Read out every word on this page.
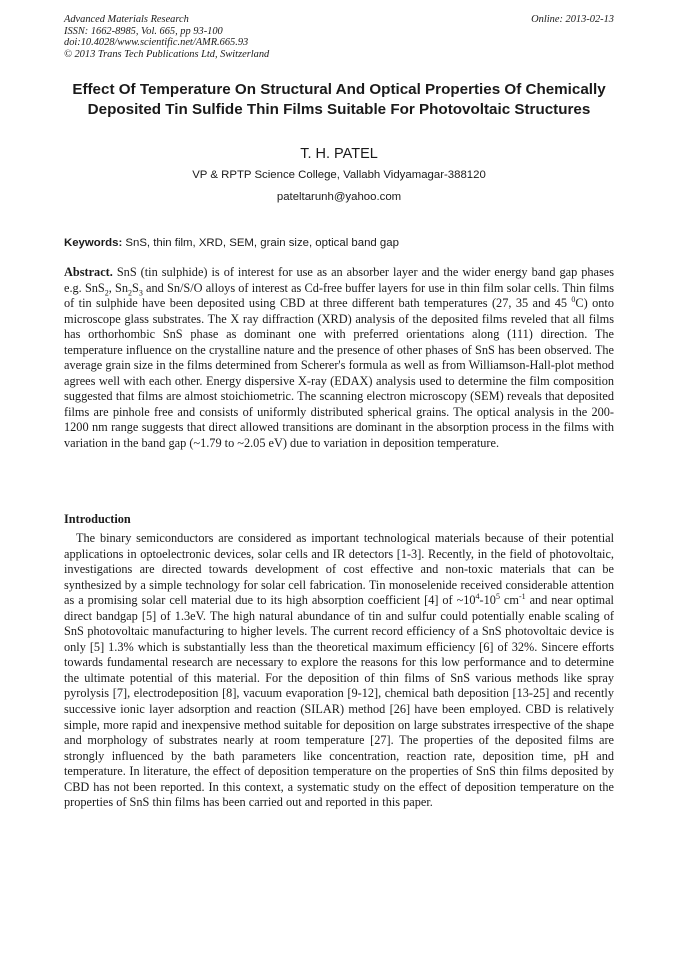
Advanced Materials Research
ISSN: 1662-8985, Vol. 665, pp 93-100
doi:10.4028/www.scientific.net/AMR.665.93
© 2013 Trans Tech Publications Ltd, Switzerland
Online: 2013-02-13
Effect Of Temperature On Structural And Optical Properties Of Chemically Deposited Tin Sulfide Thin Films Suitable For Photovoltaic Structures
T. H. PATEL
VP & RPTP Science College, Vallabh Vidyamagar-388120
pateltarunh@yahoo.com
Keywords: SnS, thin film, XRD, SEM, grain size, optical band gap
Abstract. SnS (tin sulphide) is of interest for use as an absorber layer and the wider energy band gap phases e.g. SnS$_2$, $Sn_2S_3$ and Sn/S/O alloys of interest as Cd-free buffer layers for use in thin film solar cells. Thin films of tin sulphide have been deposited using CBD at three different bath temperatures (27, 35 and 45 $^0$C) onto microscope glass substrates. The X ray diffraction (XRD) analysis of the deposited films reveled that all films has orthorhombic SnS phase as dominant one with preferred orientations along (111) direction. The temperature influence on the crystalline nature and the presence of other phases of SnS has been observed. The average grain size in the films determined from Scherer's formula as well as from Williamson-Hall-plot method agrees well with each other. Energy dispersive X-ray (EDAX) analysis used to determine the film composition suggested that films are almost stoichiometric. The scanning electron microscopy (SEM) reveals that deposited films are pinhole free and consists of uniformly distributed spherical grains. The optical analysis in the 200-1200 nm range suggests that direct allowed transitions are dominant in the absorption process in the films with variation in the band gap (~1.79 to ~2.05 eV) due to variation in deposition temperature.
Introduction
The binary semiconductors are considered as important technological materials because of their potential applications in optoelectronic devices, solar cells and IR detectors [1-3]. Recently, in the field of photovoltaic, investigations are directed towards development of cost effective and non-toxic materials that can be synthesized by a simple technology for solar cell fabrication. Tin monoselenide received considerable attention as a promising solar cell material due to its high absorption coefficient [4] of $\sim 10^4-10^5$ $cm^{-1}$ and near optimal direct bandgap [5] of 1.3eV. The high natural abundance of tin and sulfur could potentially enable scaling of SnS photovoltaic manufacturing to higher levels. The current record efficiency of a SnS photovoltaic device is only [5] 1.3% which is substantially less than the theoretical maximum efficiency [6] of 32%. Sincere efforts towards fundamental research are necessary to explore the reasons for this low performance and to determine the ultimate potential of this material. For the deposition of thin films of SnS various methods like spray pyrolysis [7], electrodeposition [8], vacuum evaporation [9-12], chemical bath deposition [13-25] and recently successive ionic layer adsorption and reaction (SILAR) method [26] have been employed. CBD is relatively simple, more rapid and inexpensive method suitable for deposition on large substrates irrespective of the shape and morphology of substrates nearly at room temperature [27]. The properties of the deposited films are strongly influenced by the bath parameters like concentration, reaction rate, deposition time, pH and temperature. In literature, the effect of deposition temperature on the properties of SnS thin films deposited by CBD has not been reported. In this context, a systematic study on the effect of deposition temperature on the properties of SnS thin films has been carried out and reported in this paper.
